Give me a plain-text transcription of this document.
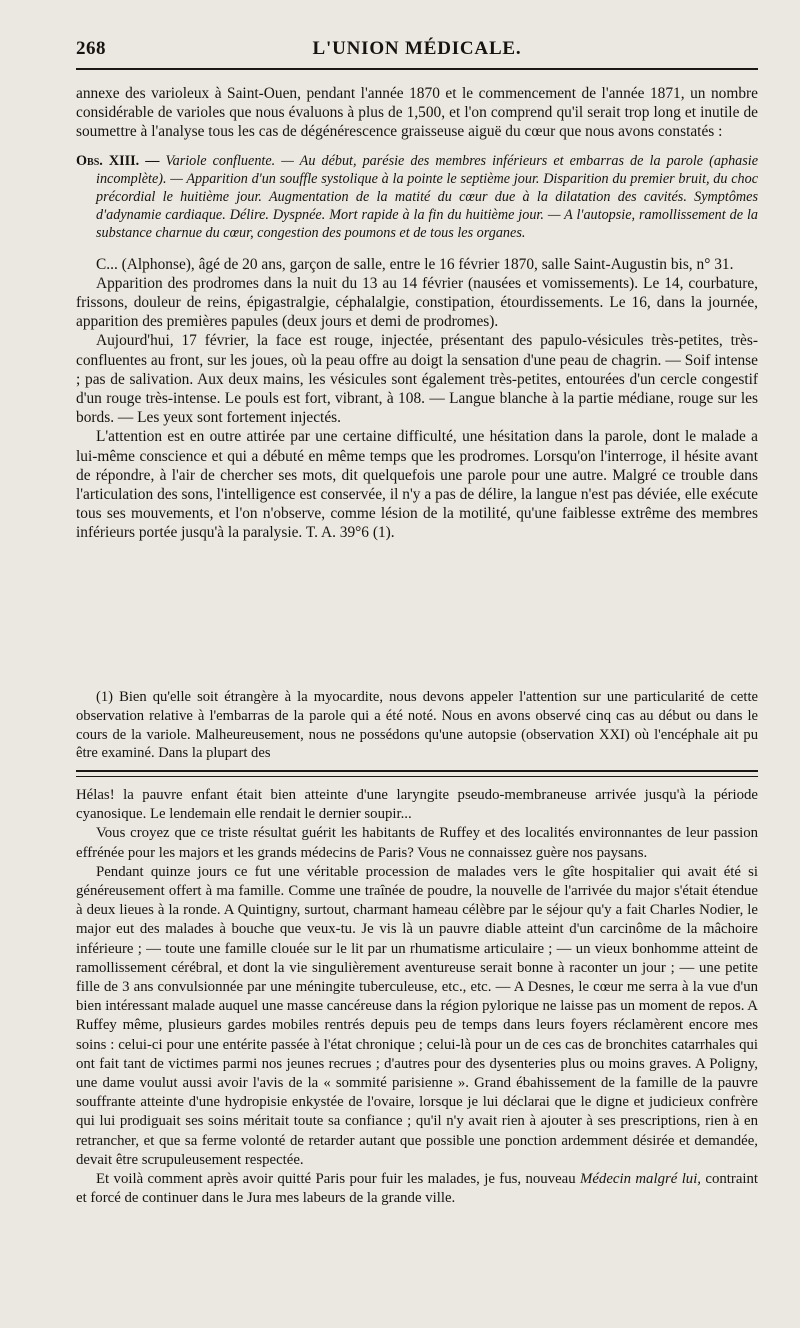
268	L'UNION MÉDICALE.

annexe des varioleux à Saint-Ouen, pendant l'année 1870 et le commencement de l'année 1871, un nombre considérable de varioles que nous évaluons à plus de 1,500, et l'on comprend qu'il serait trop long et inutile de soumettre à l'analyse tous les cas de dégénérescence graisseuse aiguë du cœur que nous avons constatés :

Obs. XIII. — Variole confluente. — Au début, parésie des membres inférieurs et embarras de la parole (aphasie incomplète). — Apparition d'un souffle systolique à la pointe le septième jour. Disparition du premier bruit, du choc précordial le huitième jour. Augmentation de la matité du cœur due à la dilatation des cavités. Symptômes d'adynamie cardiaque. Délire. Dyspnée. Mort rapide à la fin du huitième jour. — A l'autopsie, ramollissement de la substance charnue du cœur, congestion des poumons et de tous les organes.

C... (Alphonse), âgé de 20 ans, garçon de salle, entre le 16 février 1870, salle Saint-Augustin bis, n° 31.

Apparition des prodromes dans la nuit du 13 au 14 février (nausées et vomissements). Le 14, courbature, frissons, douleur de reins, épigastralgie, céphalalgie, constipation, étourdissements. Le 16, dans la journée, apparition des premières papules (deux jours et demi de prodromes).

Aujourd'hui, 17 février, la face est rouge, injectée, présentant des papulo-vésicules très-petites, très-confluentes au front, sur les joues, où la peau offre au doigt la sensation d'une peau de chagrin. — Soif intense ; pas de salivation. Aux deux mains, les vésicules sont également très-petites, entourées d'un cercle congestif d'un rouge très-intense. Le pouls est fort, vibrant, à 108. — Langue blanche à la partie médiane, rouge sur les bords. — Les yeux sont fortement injectés.

L'attention est en outre attirée par une certaine difficulté, une hésitation dans la parole, dont le malade a lui-même conscience et qui a débuté en même temps que les prodromes. Lorsqu'on l'interroge, il hésite avant de répondre, à l'air de chercher ses mots, dit quelquefois une parole pour une autre. Malgré ce trouble dans l'articulation des sons, l'intelligence est conservée, il n'y a pas de délire, la langue n'est pas déviée, elle exécute tous ses mouvements, et l'on n'observe, comme lésion de la motilité, qu'une faiblesse extrême des membres inférieurs portée jusqu'à la paralysie. T. A. 39°6 (1).

(1) Bien qu'elle soit étrangère à la myocardite, nous devons appeler l'attention sur une particularité de cette observation relative à l'embarras de la parole qui a été noté. Nous en avons observé cinq cas au début ou dans le cours de la variole. Malheureusement, nous ne possédons qu'une autopsie (observation XXI) où l'encéphale ait pu être examiné. Dans la plupart des

Hélas! la pauvre enfant était bien atteinte d'une laryngite pseudo-membraneuse arrivée jusqu'à la période cyanosique. Le lendemain elle rendait le dernier soupir...

Vous croyez que ce triste résultat guérit les habitants de Ruffey et des localités environnantes de leur passion effrénée pour les majors et les grands médecins de Paris? Vous ne connaissez guère nos paysans.

Pendant quinze jours ce fut une véritable procession de malades vers le gîte hospitalier qui avait été si généreusement offert à ma famille. Comme une traînée de poudre, la nouvelle de l'arrivée du major s'était étendue à deux lieues à la ronde. A Quintigny, surtout, charmant hameau célèbre par le séjour qu'y a fait Charles Nodier, le major eut des malades à bouche que veux-tu. Je vis là un pauvre diable atteint d'un carcinôme de la mâchoire inférieure ; — toute une famille clouée sur le lit par un rhumatisme articulaire ; — un vieux bonhomme atteint de ramollissement cérébral, et dont la vie singulièrement aventureuse serait bonne à raconter un jour ; — une petite fille de 3 ans convulsionnée par une méningite tuberculeuse, etc., etc. — A Desnes, le cœur me serra à la vue d'un bien intéressant malade auquel une masse cancéreuse dans la région pylorique ne laisse pas un moment de repos. A Ruffey même, plusieurs gardes mobiles rentrés depuis peu de temps dans leurs foyers réclamèrent encore mes soins : celui-ci pour une entérite passée à l'état chronique ; celui-là pour un de ces cas de bronchites catarrhales qui ont fait tant de victimes parmi nos jeunes recrues ; d'autres pour des dysenteries plus ou moins graves. A Poligny, une dame voulut aussi avoir l'avis de la « sommité parisienne ». Grand ébahissement de la famille de la pauvre souffrante atteinte d'une hydropisie enkystée de l'ovaire, lorsque je lui déclarai que le digne et judicieux confrère qui lui prodiguait ses soins méritait toute sa confiance ; qu'il n'y avait rien à ajouter à ses prescriptions, rien à en retrancher, et que sa ferme volonté de retarder autant que possible une ponction ardemment désirée et demandée, devait être scrupuleusement respectée.

Et voilà comment après avoir quitté Paris pour fuir les malades, je fus, nouveau Médecin malgré lui, contraint et forcé de continuer dans le Jura mes labeurs de la grande ville.
